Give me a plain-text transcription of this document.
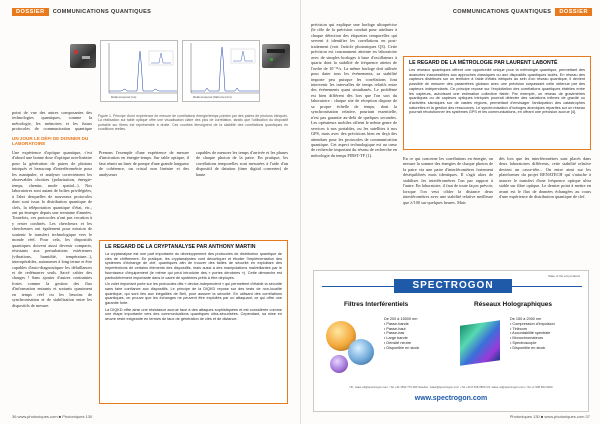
DOSSIER	COMMUNICATIONS QUANTIQUES
Délai temporel (ns)	Délai temporel (fiabo ber km)
Figure 1. Principe d'une expérience de mesure de corrélations énergie/temps pointes par des paires de photons intriqués. La réalisation sur table optique offre une visualisation claire des pics de corrélation, tandis que l'utilisation du dispositif portable sur fibres est représentée à droite. Ces courbes témoignent de la stabilité des corrélations quantiques en conditions réelles.
point de vue des autres composantes des technologies quantiques, comme la métrologie, les mémoires et les futurs protocoles de communication quantique
UN JOUR LE DÉFI DE DONNER DU LABORATOIRE
Une expérience d'optique quantique, c'est d'abord une bonne dose d'optique non-linéaire pour la génération de paires de photons intriqués et beaucoup d'interférométrie pour les manipuler, et analyser correctement les observables choisies (polarisation, énergie-temps, chemin, mode spatial...). Nos laboratoires sont autant de boîtes privilégiées, à l'abri desquelles de nouveaux protocoles dont sont issus la distribution quantique de clefs, la téléportation quantique d'état, etc., ont pu émerger depuis une trentaine d'années. Toutefois, ces protocoles n'ont pas vocation à y rester confinés. Les chercheurs et les chercheuses ont également pour mission de soutenir le transfert technologique vers le monde réel. Pour cela, les dispositifs quantiques doivent aussi devenir compacts, résistants aux perturbations extérieures (vibrations, humidité, température...), interopérables, autonomes à long terme et être capables d'auto-diagnostiquer les défaillances et de redémarrer seuls. Sacré cahier des charges ! Sans ajouter d'autres contraintes fortes comme la gestion des flux d'information entrants et sortants quasiment en temps réel ou les besoins de synchronisation et de stabilisation entre les dispositifs de mesure.
Prenons l'exemple d'une expérience de mesure d'intrication en énergie-temps. Sur table optique, il faut réunir un laser de pompe d'une grande longueur de cohérence, un cristal non linéaire et des analyseurs
capables de mesurer les temps d'arrivée et les phases de chaque photon de la paire. En pratique, les corrélations temporelles sont mesurées à l'aide d'un dispositif de datation (time digital converter) de haute
LE REGARD DE LA CRYPTANALYSE PAR ANTHONY MARTIN
La cryptanalyse est une part importante du développement des protocoles de distribution quantique de clés de chiffrement. En pratique, les cryptanalystes vont décortiquer et étudier l'implémentation des systèmes d'échange de clef, quantiques afin de trouver des failles de sécurité en exploitant des imperfections de certains éléments des dispositifs, mais aussi à des manipulations malveillantes par le fournisseur d'équipement (le même qui peut introduire des « portes dérobées »). Cette démarche est particulièrement importante dans le cadre de systèmes prêts à être déployés.
Un volet important porte sur les protocoles dits « device-independent » qui permettent d'établir la sécurité sans faire confiance aux dispositifs. Le principe de la DIQKD repose sur des tests de non-localité quantique, qui sont liés aux inégalités de Bell, pour assurer la sécurité. En utilisant des corrélations quantiques, on prouve que les échanges ne peuvent être exploités par un attaquant, ce qui offre une garantie forte.
La DIQKD offre ainsi une résistance accrue face à des attaques sophistiquées et est considérée comme une étape importante vers des communications quantiques ultra-sécurisées. Cependant, sa mise en œuvre reste exigeante en termes de taux de génération de clés et de distance.
36 www.photoniques.com ■ Photoniques 130
COMMUNICATIONS QUANTIQUES	DOSSIER
précision qui explique une horloge ultraprécise (le rôle de la précision conduit pour attribuer à chaque détection des étiquettes temporelles qui servent à identifier les corrélations en post-traitement (voir l'article photoniques Q3). Cette précision est couramment atteinte en laboratoire avec de simples horloges à base d'oscillateurs à quartz dont la stabilité de fréquence atteint de l'ordre de 10⁻¹¹/s. La même horloge doit utilisée pour dater tous les événements, sa stabilité importe peu puisque les corrélations font intervenir les intervalles de temps relatifs entre des événements quasi simultanés. Le problème est bien différent dès lors que l'on sort du laboratoire : chaque site de réception dispose de sa propre échelle de temps, dont la synchronisation relative, pourtant essentielle, n'est pas garantie au-delà de quelques secondes. Les opérateurs mobiles offrent le même genre de services à nos portables, ou les satellites à nos GPS, mais avec des précisions bien en deçà des attendues pour les protocoles de communication quantique. Cet aspect technologique est au cœur de recherche important du réseau de recherche en métrologie du temps FIRST-TF (1).
LE REGARD DE LA MÉTROLOGIE PAR LAURENT LABONTÉ
Les réseaux quantiques offrent une opportunité unique pour la métrologie quantique, permettant des avancées inaccessibles aux approches classiques ou aux dispositifs quantiques isolés. En réseau des capteurs distribués sur un territoire à l'aide d'états intriqués au sein d'un réseau quantique, il devient possible de mesurer des paramètres globaux avec une précision surpassant celle obtenue par des capteurs indépendants. Ce principe repose sur l'exploitation des corrélations quantiques établies entre les capteurs, autorisant une estimation collective fiable. Par exemple, un réseau de gravimètres quantiques ou de capteurs optiques intriqués pourrait détecter des variations infimes de gravité ou d'activités sismiques sur de vastes régions, permettant d'envisager l'anticipation des catastrophes naturelles et la gestion des ressources. Le synchronisation d'horloges atomiques réparties sur un réseau pourrait révolutionner les systèmes GPS et les communications, en offrant une précision accrue [4].
En ce qui concerne les corrélations en énergie, on mesure la somme des énergies de chaque photon de la paire via une paire d'interféromètres fortement déséquilibrés mais identiques. Il s'agit alors de stabiliser les interféromètres l'un par rapport à l'autre. En laboratoire, il faut de toute façon prévoir, lorsque l'on veut cibler la distance deux interféromètres avec une stabilité relative meilleure que λ/100 sur quelques heures. Mais
dès lors que les interféromètres sont placés dans deux laboratoires différents, cette stabilité relative devient un casse-tête... On entre ainsi sur les plateformes du projet RENATECH qui s'attache à assurer le transfert d'une fréquence optique ultra stable sur fibre optique. Le dernier point à mettre en avant est le flux de données échangées au cours d'une expérience de distribution quantique de clef.
SPECTROGON
State of the art products
Filtres Interférentiels	Réseaux Holographiques
De 200 à 15000 nm
• Passe-bande
• Passe-haut
• Passe-bas
• Large bande
• Densité neutre
• Disponible en stock
De 150 à 2000 nm
• Compression d'impulsion
• Télécom
• Accordabilité spectrale
• Monochromateurs
• Spectroscopie
• Disponible en stock
UK: sales.uk@spectrogon.com • Tel +44 1592 770 000 Sweden: sales@spectrogon.com • Tel +46 8 638 2800 US: sales.us@spectrogon.com • Tel +1 908 834 9400
www.spectrogon.com
Photoniques 130 ■ www.photoniques.com 37
